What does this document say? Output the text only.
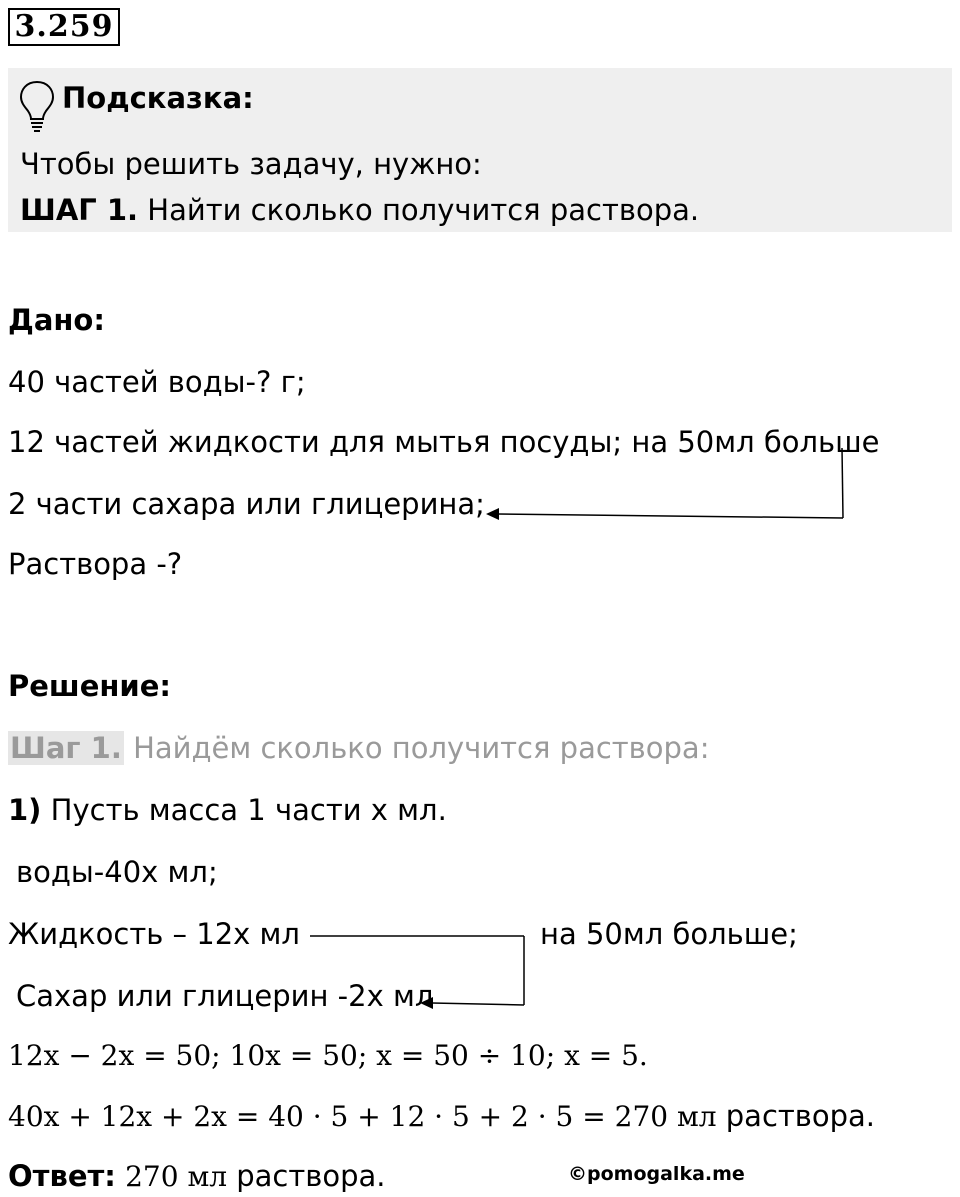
3.259
Подсказка:
Чтобы решить задачу, нужно:
ШАГ 1. Найти сколько получится раствора.
Дано:
40 частей воды-? г;
12 частей жидкости для мытья посуды; на 50мл больше
2 части сахара или глицерина;
Раствора -?
Решение:
Шаг 1. Найдём сколько получится раствора:
1) Пусть масса 1 части х мл.
воды-40х мл;
Жидкость – 12х мл	на 50мл больше;
Сахар или глицерин -2х мл
12x − 2x = 50; 10x = 50; x = 50 ÷ 10; x = 5.
40x + 12x + 2x = 40 · 5 + 12 · 5 + 2 · 5 = 270 мл раствора.
Ответ: 270 мл раствора.	©pomogalka.me
